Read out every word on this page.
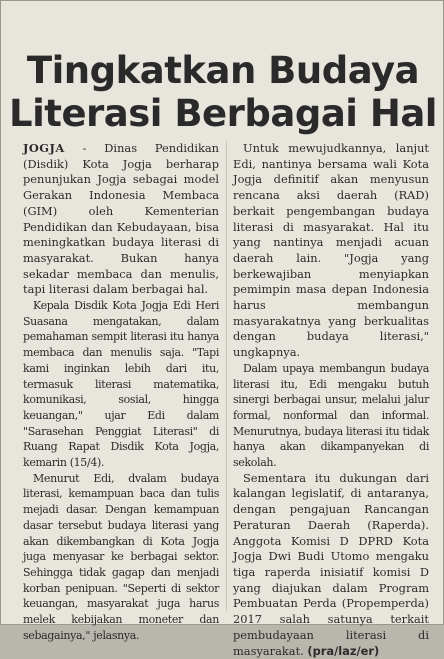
Tingkatkan Budaya
Literasi Berbagai Hal

JOGJA - Dinas Pendidikan (Disdik) Kota Jogja berharap penunjukan Jogja sebagai model Gerakan Indonesia Membaca (GIM) oleh Kementerian Pendidikan dan Kebudayaan, bisa meningkatkan budaya literasi di masyarakat. Bukan hanya sekadar membaca dan menulis, tapi literasi dalam berbagai hal.

Kepala Disdik Kota Jogja Edi Heri Suasana mengatakan, dalam pemahaman sempit literasi itu hanya membaca dan menulis saja. "Tapi kami inginkan lebih dari itu, termasuk literasi matematika, komunikasi, sosial, hingga keuangan," ujar Edi dalam "Sarasehan Penggiat Literasi" di Ruang Rapat Disdik Kota Jogja, kemarin (15/4).

Menurut Edi, dvalam budaya literasi, kemampuan baca dan tulis mejadi dasar. Dengan kemampuan dasar tersebut budaya literasi yang akan dikembangkan di Kota Jogja juga menyasar ke berbagai sektor. Sehingga tidak gagap dan menjadi korban penipuan. "Seperti di sektor keuangan, masyarakat juga harus melek kebijakan moneter dan sebagainya," jelasnya.

Untuk mewujudkannya, lanjut Edi, nantinya bersama wali Kota Jogja definitif akan menyusun rencana aksi daerah (RAD) berkait pengembangan budaya literasi di masyarakat. Hal itu yang nantinya menjadi acuan daerah lain. "Jogja yang berkewajiban menyiapkan pemimpin masa depan Indonesia harus membangun masyarakatnya yang berkualitas dengan budaya literasi," ungkapnya.

Dalam upaya membangun budaya literasi itu, Edi mengaku butuh sinergi berbagai unsur, melalui jalur formal, nonformal dan informal. Menurutnya, budaya literasi itu tidak hanya akan dikampanyekan di sekolah.

Sementara itu dukungan dari kalangan legislatif, di antaranya, dengan pengajuan Rancangan Peraturan Daerah (Raperda). Anggota Komisi D DPRD Kota Jogja Dwi Budi Utomo mengaku tiga raperda inisiatif komisi D yang diajukan dalam Program Pembuatan Perda (Propemperda) 2017 salah satunya terkait pembudayaan literasi di masyarakat. (pra/laz/er)
